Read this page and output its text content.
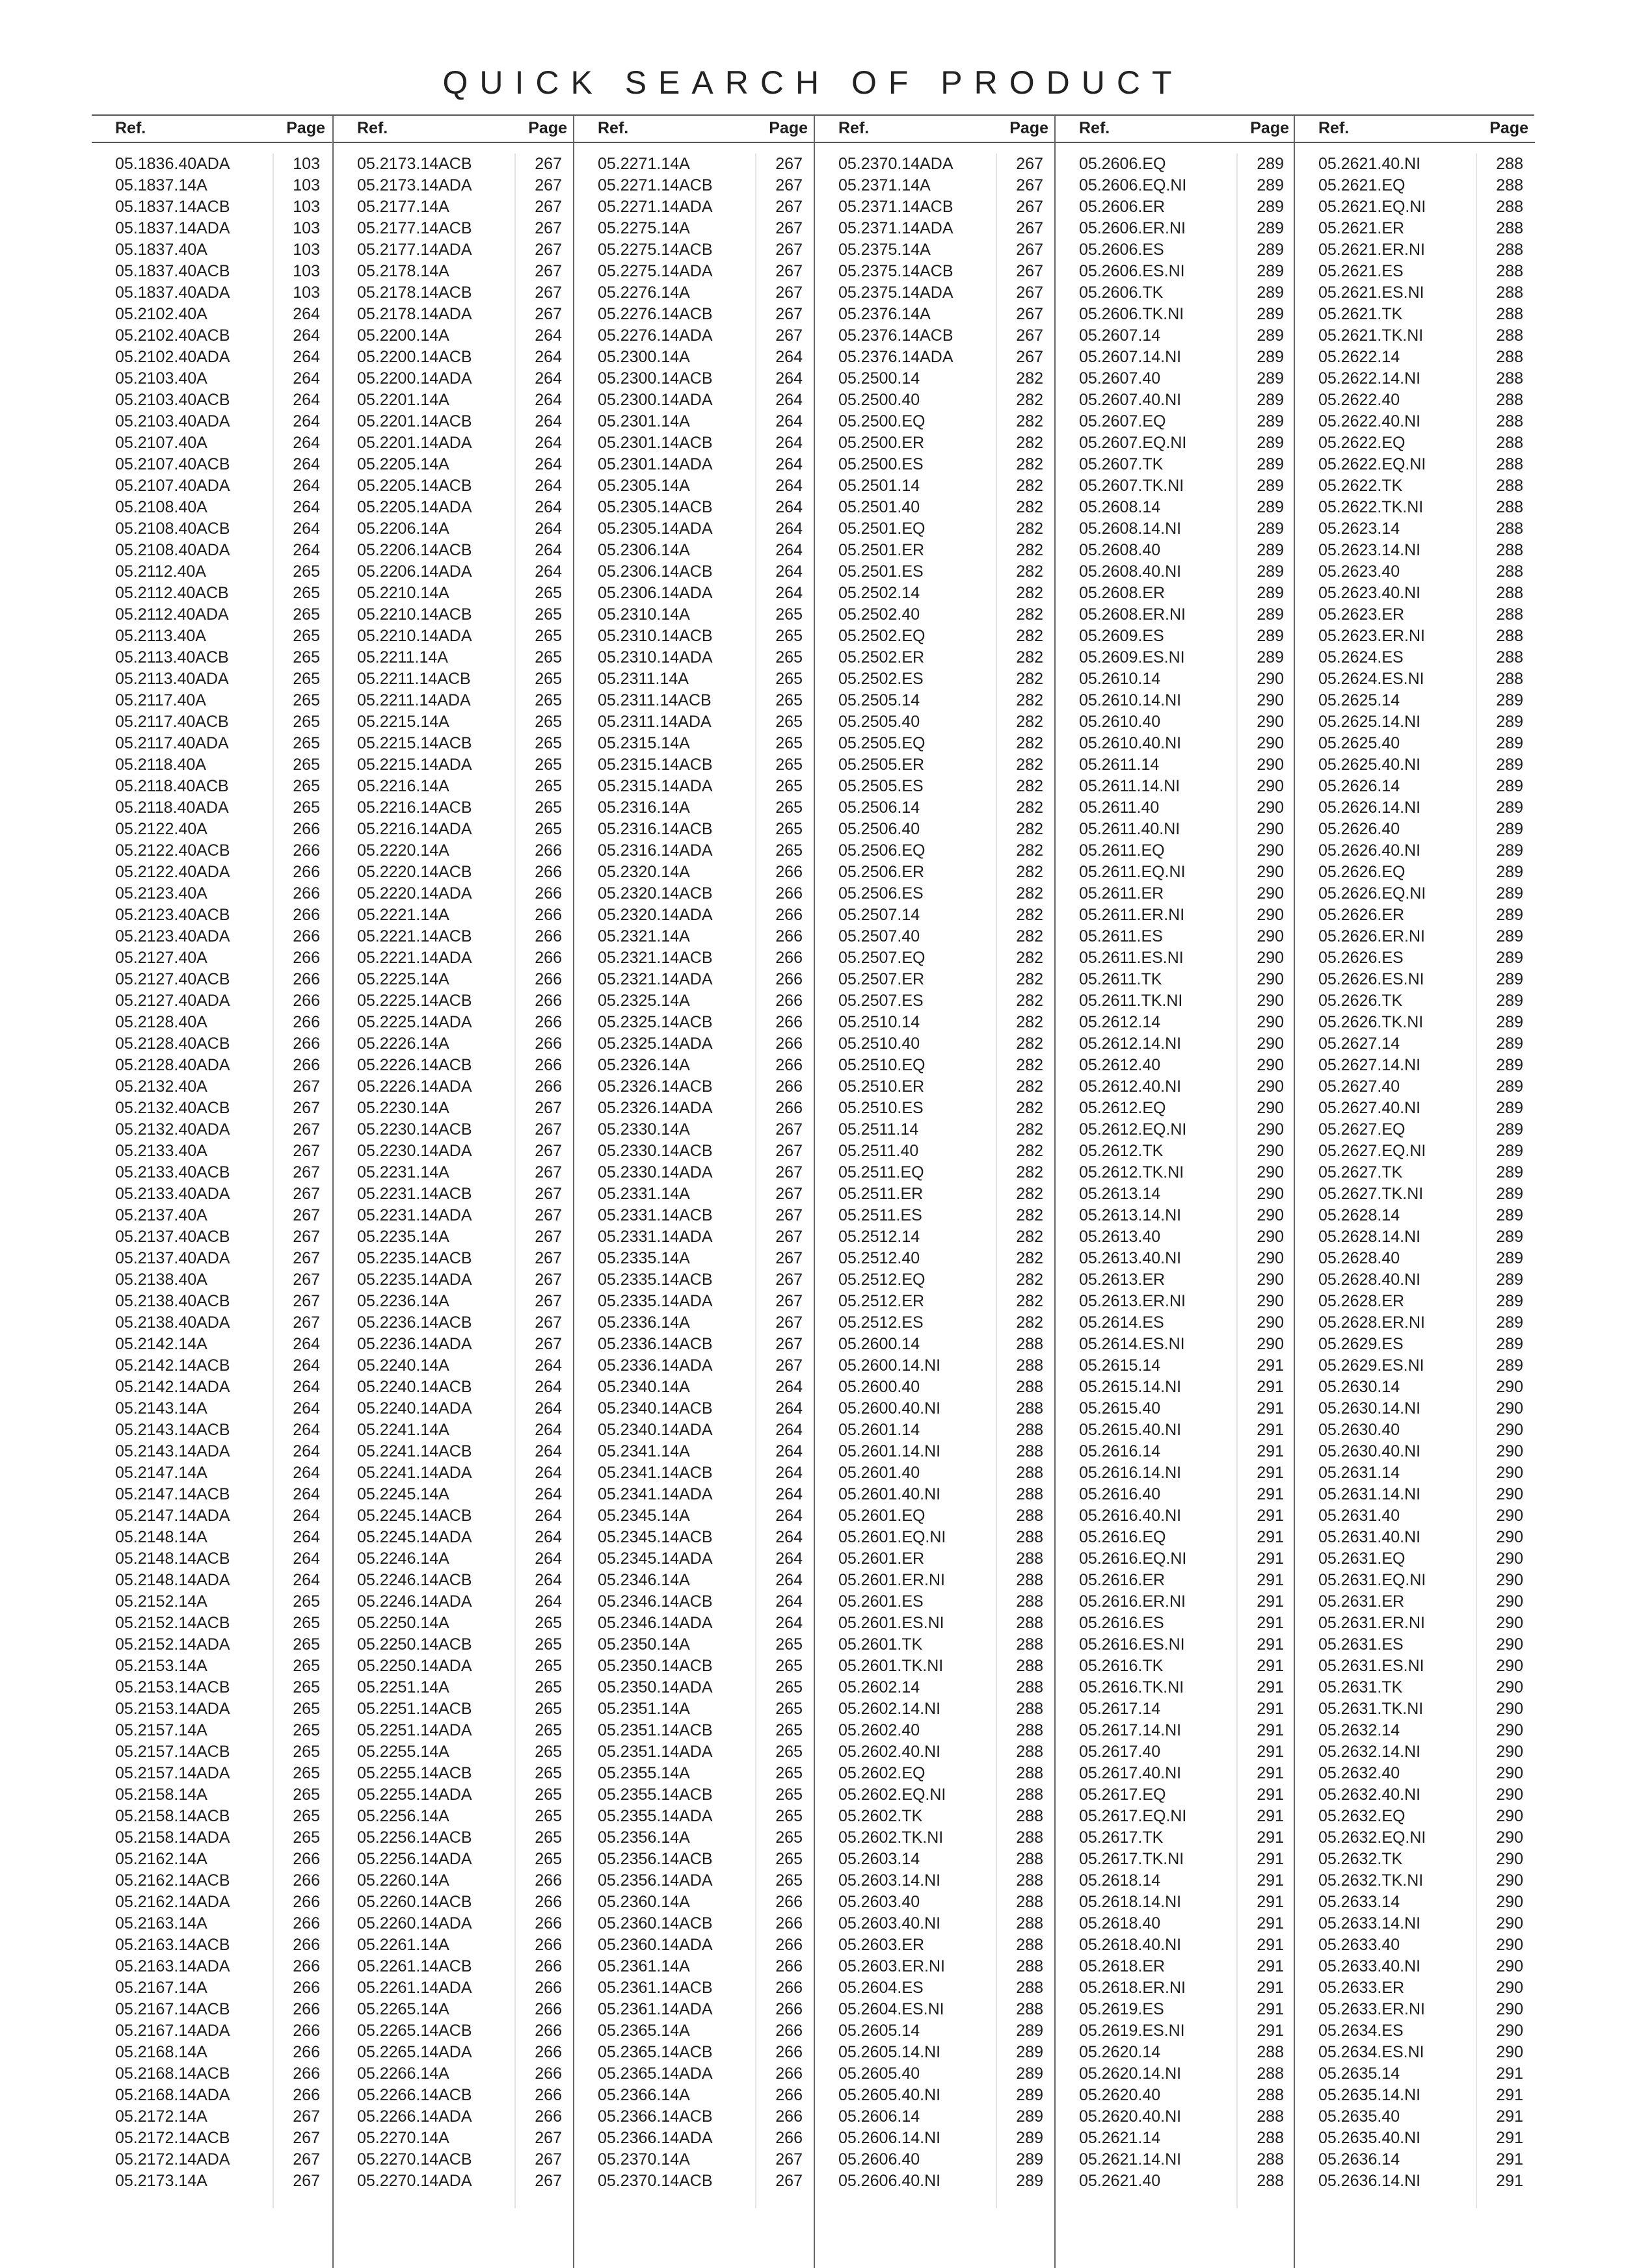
QUICK SEARCH OF PRODUCT
Ref.	Page
05.1836.40ADA	103
05.1837.14A	103
05.1837.14ACB	103
05.1837.14ADA	103
05.1837.40A	103
05.1837.40ACB	103
05.1837.40ADA	103
05.2102.40A	264
05.2102.40ACB	264
05.2102.40ADA	264
05.2103.40A	264
05.2103.40ACB	264
05.2103.40ADA	264
05.2107.40A	264
05.2107.40ACB	264
05.2107.40ADA	264
05.2108.40A	264
05.2108.40ACB	264
05.2108.40ADA	264
05.2112.40A	265
05.2112.40ACB	265
05.2112.40ADA	265
05.2113.40A	265
05.2113.40ACB	265
05.2113.40ADA	265
05.2117.40A	265
05.2117.40ACB	265
05.2117.40ADA	265
05.2118.40A	265
05.2118.40ACB	265
05.2118.40ADA	265
05.2122.40A	266
05.2122.40ACB	266
05.2122.40ADA	266
05.2123.40A	266
05.2123.40ACB	266
05.2123.40ADA	266
05.2127.40A	266
05.2127.40ACB	266
05.2127.40ADA	266
05.2128.40A	266
05.2128.40ACB	266
05.2128.40ADA	266
05.2132.40A	267
05.2132.40ACB	267
05.2132.40ADA	267
05.2133.40A	267
05.2133.40ACB	267
05.2133.40ADA	267
05.2137.40A	267
05.2137.40ACB	267
05.2137.40ADA	267
05.2138.40A	267
05.2138.40ACB	267
05.2138.40ADA	267
05.2142.14A	264
05.2142.14ACB	264
05.2142.14ADA	264
05.2143.14A	264
05.2143.14ACB	264
05.2143.14ADA	264
05.2147.14A	264
05.2147.14ACB	264
05.2147.14ADA	264
05.2148.14A	264
05.2148.14ACB	264
05.2148.14ADA	264
05.2152.14A	265
05.2152.14ACB	265
05.2152.14ADA	265
05.2153.14A	265
05.2153.14ACB	265
05.2153.14ADA	265
05.2157.14A	265
05.2157.14ACB	265
05.2157.14ADA	265
05.2158.14A	265
05.2158.14ACB	265
05.2158.14ADA	265
05.2162.14A	266
05.2162.14ACB	266
05.2162.14ADA	266
05.2163.14A	266
05.2163.14ACB	266
05.2163.14ADA	266
05.2167.14A	266
05.2167.14ACB	266
05.2167.14ADA	266
05.2168.14A	266
05.2168.14ACB	266
05.2168.14ADA	266
05.2172.14A	267
05.2172.14ACB	267
05.2172.14ADA	267
05.2173.14A	267
Ref.	Page
05.2173.14ACB	267
05.2173.14ADA	267
05.2177.14A	267
05.2177.14ACB	267
05.2177.14ADA	267
05.2178.14A	267
05.2178.14ACB	267
05.2178.14ADA	267
05.2200.14A	264
05.2200.14ACB	264
05.2200.14ADA	264
05.2201.14A	264
05.2201.14ACB	264
05.2201.14ADA	264
05.2205.14A	264
05.2205.14ACB	264
05.2205.14ADA	264
05.2206.14A	264
05.2206.14ACB	264
05.2206.14ADA	264
05.2210.14A	265
05.2210.14ACB	265
05.2210.14ADA	265
05.2211.14A	265
05.2211.14ACB	265
05.2211.14ADA	265
05.2215.14A	265
05.2215.14ACB	265
05.2215.14ADA	265
05.2216.14A	265
05.2216.14ACB	265
05.2216.14ADA	265
05.2220.14A	266
05.2220.14ACB	266
05.2220.14ADA	266
05.2221.14A	266
05.2221.14ACB	266
05.2221.14ADA	266
05.2225.14A	266
05.2225.14ACB	266
05.2225.14ADA	266
05.2226.14A	266
05.2226.14ACB	266
05.2226.14ADA	266
05.2230.14A	267
05.2230.14ACB	267
05.2230.14ADA	267
05.2231.14A	267
05.2231.14ACB	267
05.2231.14ADA	267
05.2235.14A	267
05.2235.14ACB	267
05.2235.14ADA	267
05.2236.14A	267
05.2236.14ACB	267
05.2236.14ADA	267
05.2240.14A	264
05.2240.14ACB	264
05.2240.14ADA	264
05.2241.14A	264
05.2241.14ACB	264
05.2241.14ADA	264
05.2245.14A	264
05.2245.14ACB	264
05.2245.14ADA	264
05.2246.14A	264
05.2246.14ACB	264
05.2246.14ADA	264
05.2250.14A	265
05.2250.14ACB	265
05.2250.14ADA	265
05.2251.14A	265
05.2251.14ACB	265
05.2251.14ADA	265
05.2255.14A	265
05.2255.14ACB	265
05.2255.14ADA	265
05.2256.14A	265
05.2256.14ACB	265
05.2256.14ADA	265
05.2260.14A	266
05.2260.14ACB	266
05.2260.14ADA	266
05.2261.14A	266
05.2261.14ACB	266
05.2261.14ADA	266
05.2265.14A	266
05.2265.14ACB	266
05.2265.14ADA	266
05.2266.14A	266
05.2266.14ACB	266
05.2266.14ADA	266
05.2270.14A	267
05.2270.14ACB	267
05.2270.14ADA	267
Ref.	Page
05.2271.14A	267
05.2271.14ACB	267
05.2271.14ADA	267
05.2275.14A	267
05.2275.14ACB	267
05.2275.14ADA	267
05.2276.14A	267
05.2276.14ACB	267
05.2276.14ADA	267
05.2300.14A	264
05.2300.14ACB	264
05.2300.14ADA	264
05.2301.14A	264
05.2301.14ACB	264
05.2301.14ADA	264
05.2305.14A	264
05.2305.14ACB	264
05.2305.14ADA	264
05.2306.14A	264
05.2306.14ACB	264
05.2306.14ADA	264
05.2310.14A	265
05.2310.14ACB	265
05.2310.14ADA	265
05.2311.14A	265
05.2311.14ACB	265
05.2311.14ADA	265
05.2315.14A	265
05.2315.14ACB	265
05.2315.14ADA	265
05.2316.14A	265
05.2316.14ACB	265
05.2316.14ADA	265
05.2320.14A	266
05.2320.14ACB	266
05.2320.14ADA	266
05.2321.14A	266
05.2321.14ACB	266
05.2321.14ADA	266
05.2325.14A	266
05.2325.14ACB	266
05.2325.14ADA	266
05.2326.14A	266
05.2326.14ACB	266
05.2326.14ADA	266
05.2330.14A	267
05.2330.14ACB	267
05.2330.14ADA	267
05.2331.14A	267
05.2331.14ACB	267
05.2331.14ADA	267
05.2335.14A	267
05.2335.14ACB	267
05.2335.14ADA	267
05.2336.14A	267
05.2336.14ACB	267
05.2336.14ADA	267
05.2340.14A	264
05.2340.14ACB	264
05.2340.14ADA	264
05.2341.14A	264
05.2341.14ACB	264
05.2341.14ADA	264
05.2345.14A	264
05.2345.14ACB	264
05.2345.14ADA	264
05.2346.14A	264
05.2346.14ACB	264
05.2346.14ADA	264
05.2350.14A	265
05.2350.14ACB	265
05.2350.14ADA	265
05.2351.14A	265
05.2351.14ACB	265
05.2351.14ADA	265
05.2355.14A	265
05.2355.14ACB	265
05.2355.14ADA	265
05.2356.14A	265
05.2356.14ACB	265
05.2356.14ADA	265
05.2360.14A	266
05.2360.14ACB	266
05.2360.14ADA	266
05.2361.14A	266
05.2361.14ACB	266
05.2361.14ADA	266
05.2365.14A	266
05.2365.14ACB	266
05.2365.14ADA	266
05.2366.14A	266
05.2366.14ACB	266
05.2366.14ADA	266
05.2370.14A	267
05.2370.14ACB	267
Ref.	Page
05.2370.14ADA	267
05.2371.14A	267
05.2371.14ACB	267
05.2371.14ADA	267
05.2375.14A	267
05.2375.14ACB	267
05.2375.14ADA	267
05.2376.14A	267
05.2376.14ACB	267
05.2376.14ADA	267
05.2500.14	282
05.2500.40	282
05.2500.EQ	282
05.2500.ER	282
05.2500.ES	282
05.2501.14	282
05.2501.40	282
05.2501.EQ	282
05.2501.ER	282
05.2501.ES	282
05.2502.14	282
05.2502.40	282
05.2502.EQ	282
05.2502.ER	282
05.2502.ES	282
05.2505.14	282
05.2505.40	282
05.2505.EQ	282
05.2505.ER	282
05.2505.ES	282
05.2506.14	282
05.2506.40	282
05.2506.EQ	282
05.2506.ER	282
05.2506.ES	282
05.2507.14	282
05.2507.40	282
05.2507.EQ	282
05.2507.ER	282
05.2507.ES	282
05.2510.14	282
05.2510.40	282
05.2510.EQ	282
05.2510.ER	282
05.2510.ES	282
05.2511.14	282
05.2511.40	282
05.2511.EQ	282
05.2511.ER	282
05.2511.ES	282
05.2512.14	282
05.2512.40	282
05.2512.EQ	282
05.2512.ER	282
05.2512.ES	282
05.2600.14	288
05.2600.14.NI	288
05.2600.40	288
05.2600.40.NI	288
05.2601.14	288
05.2601.14.NI	288
05.2601.40	288
05.2601.40.NI	288
05.2601.EQ	288
05.2601.EQ.NI	288
05.2601.ER	288
05.2601.ER.NI	288
05.2601.ES	288
05.2601.ES.NI	288
05.2601.TK	288
05.2601.TK.NI	288
05.2602.14	288
05.2602.14.NI	288
05.2602.40	288
05.2602.40.NI	288
05.2602.EQ	288
05.2602.EQ.NI	288
05.2602.TK	288
05.2602.TK.NI	288
05.2603.14	288
05.2603.14.NI	288
05.2603.40	288
05.2603.40.NI	288
05.2603.ER	288
05.2603.ER.NI	288
05.2604.ES	288
05.2604.ES.NI	288
05.2605.14	289
05.2605.14.NI	289
05.2605.40	289
05.2605.40.NI	289
05.2606.14	289
05.2606.14.NI	289
05.2606.40	289
05.2606.40.NI	289
Ref.	Page
05.2606.EQ	289
05.2606.EQ.NI	289
05.2606.ER	289
05.2606.ER.NI	289
05.2606.ES	289
05.2606.ES.NI	289
05.2606.TK	289
05.2606.TK.NI	289
05.2607.14	289
05.2607.14.NI	289
05.2607.40	289
05.2607.40.NI	289
05.2607.EQ	289
05.2607.EQ.NI	289
05.2607.TK	289
05.2607.TK.NI	289
05.2608.14	289
05.2608.14.NI	289
05.2608.40	289
05.2608.40.NI	289
05.2608.ER	289
05.2608.ER.NI	289
05.2609.ES	289
05.2609.ES.NI	289
05.2610.14	290
05.2610.14.NI	290
05.2610.40	290
05.2610.40.NI	290
05.2611.14	290
05.2611.14.NI	290
05.2611.40	290
05.2611.40.NI	290
05.2611.EQ	290
05.2611.EQ.NI	290
05.2611.ER	290
05.2611.ER.NI	290
05.2611.ES	290
05.2611.ES.NI	290
05.2611.TK	290
05.2611.TK.NI	290
05.2612.14	290
05.2612.14.NI	290
05.2612.40	290
05.2612.40.NI	290
05.2612.EQ	290
05.2612.EQ.NI	290
05.2612.TK	290
05.2612.TK.NI	290
05.2613.14	290
05.2613.14.NI	290
05.2613.40	290
05.2613.40.NI	290
05.2613.ER	290
05.2613.ER.NI	290
05.2614.ES	290
05.2614.ES.NI	290
05.2615.14	291
05.2615.14.NI	291
05.2615.40	291
05.2615.40.NI	291
05.2616.14	291
05.2616.14.NI	291
05.2616.40	291
05.2616.40.NI	291
05.2616.EQ	291
05.2616.EQ.NI	291
05.2616.ER	291
05.2616.ER.NI	291
05.2616.ES	291
05.2616.ES.NI	291
05.2616.TK	291
05.2616.TK.NI	291
05.2617.14	291
05.2617.14.NI	291
05.2617.40	291
05.2617.40.NI	291
05.2617.EQ	291
05.2617.EQ.NI	291
05.2617.TK	291
05.2617.TK.NI	291
05.2618.14	291
05.2618.14.NI	291
05.2618.40	291
05.2618.40.NI	291
05.2618.ER	291
05.2618.ER.NI	291
05.2619.ES	291
05.2619.ES.NI	291
05.2620.14	288
05.2620.14.NI	288
05.2620.40	288
05.2620.40.NI	288
05.2621.14	288
05.2621.14.NI	288
05.2621.40	288
Ref.	Page
05.2621.40.NI	288
05.2621.EQ	288
05.2621.EQ.NI	288
05.2621.ER	288
05.2621.ER.NI	288
05.2621.ES	288
05.2621.ES.NI	288
05.2621.TK	288
05.2621.TK.NI	288
05.2622.14	288
05.2622.14.NI	288
05.2622.40	288
05.2622.40.NI	288
05.2622.EQ	288
05.2622.EQ.NI	288
05.2622.TK	288
05.2622.TK.NI	288
05.2623.14	288
05.2623.14.NI	288
05.2623.40	288
05.2623.40.NI	288
05.2623.ER	288
05.2623.ER.NI	288
05.2624.ES	288
05.2624.ES.NI	288
05.2625.14	289
05.2625.14.NI	289
05.2625.40	289
05.2625.40.NI	289
05.2626.14	289
05.2626.14.NI	289
05.2626.40	289
05.2626.40.NI	289
05.2626.EQ	289
05.2626.EQ.NI	289
05.2626.ER	289
05.2626.ER.NI	289
05.2626.ES	289
05.2626.ES.NI	289
05.2626.TK	289
05.2626.TK.NI	289
05.2627.14	289
05.2627.14.NI	289
05.2627.40	289
05.2627.40.NI	289
05.2627.EQ	289
05.2627.EQ.NI	289
05.2627.TK	289
05.2627.TK.NI	289
05.2628.14	289
05.2628.14.NI	289
05.2628.40	289
05.2628.40.NI	289
05.2628.ER	289
05.2628.ER.NI	289
05.2629.ES	289
05.2629.ES.NI	289
05.2630.14	290
05.2630.14.NI	290
05.2630.40	290
05.2630.40.NI	290
05.2631.14	290
05.2631.14.NI	290
05.2631.40	290
05.2631.40.NI	290
05.2631.EQ	290
05.2631.EQ.NI	290
05.2631.ER	290
05.2631.ER.NI	290
05.2631.ES	290
05.2631.ES.NI	290
05.2631.TK	290
05.2631.TK.NI	290
05.2632.14	290
05.2632.14.NI	290
05.2632.40	290
05.2632.40.NI	290
05.2632.EQ	290
05.2632.EQ.NI	290
05.2632.TK	290
05.2632.TK.NI	290
05.2633.14	290
05.2633.14.NI	290
05.2633.40	290
05.2633.40.NI	290
05.2633.ER	290
05.2633.ER.NI	290
05.2634.ES	290
05.2634.ES.NI	290
05.2635.14	291
05.2635.14.NI	291
05.2635.40	291
05.2635.40.NI	291
05.2636.14	291
05.2636.14.NI	291
